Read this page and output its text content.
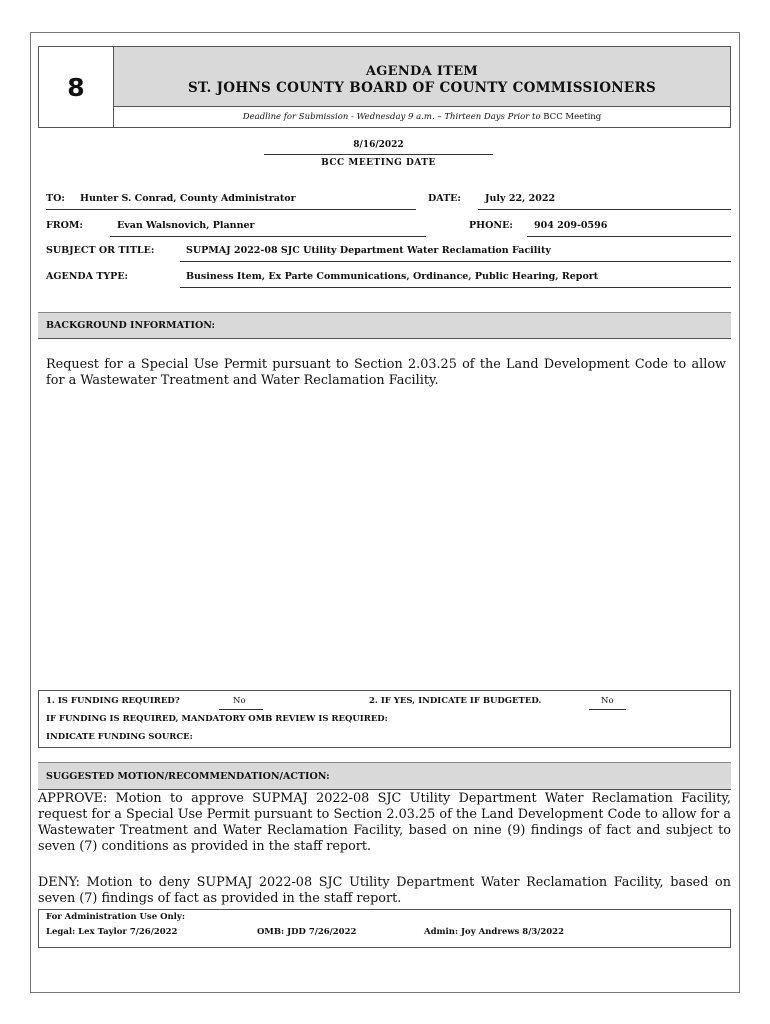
8
AGENDA ITEM
ST. JOHNS COUNTY BOARD OF COUNTY COMMISSIONERS
Deadline for Submission - Wednesday 9 a.m. – Thirteen Days Prior to BCC Meeting
8/16/2022
BCC MEETING DATE
TO: Hunter S. Conrad, County Administrator	DATE:	July 22, 2022
FROM:	Evan Walsnovich, Planner	PHONE: 904 209-0596
SUBJECT OR TITLE:	SUPMAJ 2022-08 SJC Utility Department Water Reclamation Facility
AGENDA TYPE:	Business Item, Ex Parte Communications, Ordinance, Public Hearing, Report
BACKGROUND INFORMATION:
Request for a Special Use Permit pursuant to Section 2.03.25 of the Land Development Code to allow for a Wastewater Treatment and Water Reclamation Facility.
1. IS FUNDING REQUIRED?	No	2. IF YES, INDICATE IF BUDGETED.	No
IF FUNDING IS REQUIRED, MANDATORY OMB REVIEW IS REQUIRED:
INDICATE FUNDING SOURCE:
SUGGESTED MOTION/RECOMMENDATION/ACTION:
APPROVE: Motion to approve SUPMAJ 2022-08 SJC Utility Department Water Reclamation Facility, request for a Special Use Permit pursuant to Section 2.03.25 of the Land Development Code to allow for a Wastewater Treatment and Water Reclamation Facility, based on nine (9) findings of fact and subject to seven (7) conditions as provided in the staff report.
DENY: Motion to deny SUPMAJ 2022-08 SJC Utility Department Water Reclamation Facility, based on seven (7) findings of fact as provided in the staff report.
For Administration Use Only:
Legal: Lex Taylor 7/26/2022	OMB: JDD 7/26/2022	Admin: Joy Andrews 8/3/2022
